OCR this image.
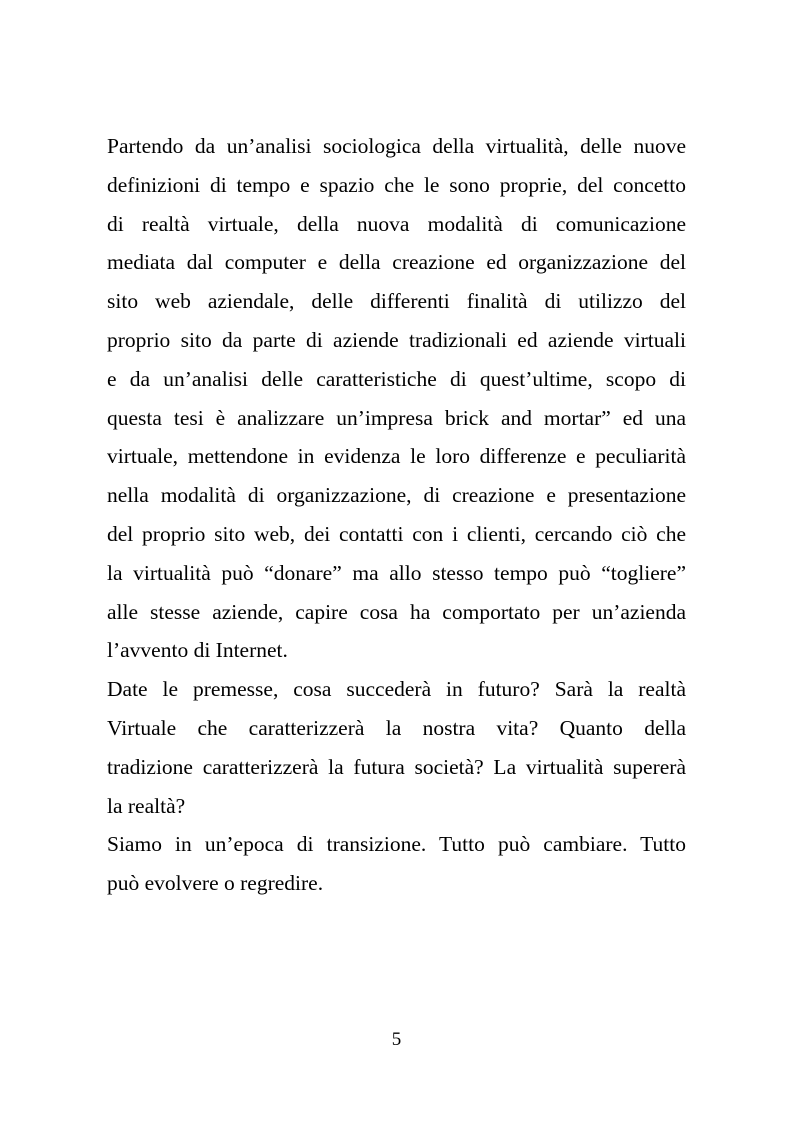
Partendo da un’analisi sociologica della virtualità, delle nuove
definizioni di tempo e spazio che le sono proprie, del concetto
di realtà virtuale, della nuova modalità di comunicazione
mediata dal computer e della creazione ed organizzazione del
sito web aziendale, delle differenti finalità di utilizzo del
proprio sito da parte di aziende tradizionali ed aziende virtuali
e da un’analisi delle caratteristiche di quest’ultime, scopo di
questa tesi è analizzare un’impresa brick and mortar” ed una
virtuale, mettendone in evidenza le loro differenze e peculiarità
nella modalità di organizzazione, di creazione e presentazione
del proprio sito web, dei contatti con i clienti, cercando ciò che
la virtualità può “donare” ma allo stesso tempo può “togliere”
alle stesse aziende, capire cosa ha comportato per un’azienda
l’avvento di Internet.
Date le premesse, cosa succederà in futuro? Sarà la realtà
Virtuale che caratterizzerà la nostra vita? Quanto della
tradizione caratterizzerà la futura società? La virtualità supererà
la realtà?
Siamo in un’epoca di transizione. Tutto può cambiare. Tutto
può evolvere o regredire.
5
